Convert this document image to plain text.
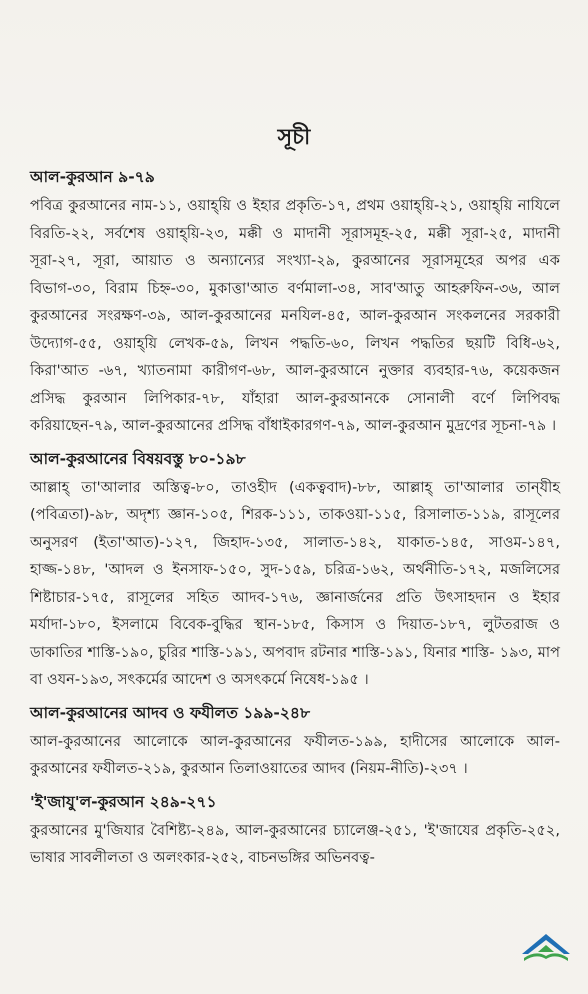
সূচী
আল-কুরআন ৯-৭৯
পবিত্র কুরআনের নাম-১১, ওয়াহ্‌য়ি ও ইহার প্রকৃতি-১৭, প্রথম ওয়াহ্‌য়ি-২১, ওয়াহ্‌য়ি নাযিলে বিরতি-২২, সর্বশেষ ওয়াহ্‌য়ি-২৩, মক্কী ও মাদানী সূরাসমূহ-২৫, মক্কী সূরা-২৫, মাদানী সূরা-২৭, সূরা, আয়াত ও অন্যান্যের সংখ্যা-২৯, কুরআনের সূরাসমূহের অপর এক বিভাগ-৩০, বিরাম চিহ্ন-৩০, মুকাত্তা'আত বর্ণমালা-৩৪, সাব'আতু আহরুফিন-৩৬, আল কুরআনের সংরক্ষণ-৩৯, আল-কুরআনের মনযিল-৪৫, আল-কুরআন সংকলনের সরকারী উদ্যোগ-৫৫, ওয়াহ্‌য়ি লেখক-৫৯, লিখন পদ্ধতি-৬০, লিখন পদ্ধতির ছয়টি বিধি-৬২, কিরা'আত -৬৭, খ্যাতনামা কারীগণ-৬৮, আল-কুরআনে নুক্তার ব্যবহার-৭৬, কয়েকজন প্রসিদ্ধ কুরআন লিপিকার-৭৮, যাঁহারা আল-কুরআনকে সোনালী বর্ণে লিপিবদ্ধ করিয়াছেন-৭৯, আল-কুরআনের প্রসিদ্ধ বাঁধাইকারগণ-৭৯, আল-কুরআন মুদ্রণের সূচনা-৭৯ ।
আল-কুরআনের বিষয়বস্তু ৮০-১৯৮
আল্লাহ্ তা'আলার অস্তিত্ব-৮০, তাওহীদ (একত্ববাদ)-৮৮, আল্লাহ্ তা'আলার তান্‌যীহ (পবিত্রতা)-৯৮, অদৃশ্য জ্ঞান-১০৫, শিরক-১১১, তাকওয়া-১১৫, রিসালাত-১১৯, রাসূলের অনুসরণ (ইতা'আত)-১২৭, জিহাদ-১৩৫, সালাত-১৪২, যাকাত-১৪৫, সাওম-১৪৭, হাজ্জ-১৪৮, 'আদল ও ইনসাফ-১৫০, সুদ-১৫৯, চরিত্র-১৬২, অর্থনীতি-১৭২, মজলিসের শিষ্টাচার-১৭৫, রাসূলের সহিত আদব-১৭৬, জ্ঞানার্জনের প্রতি উৎসাহদান ও ইহার মর্যাদা-১৮০, ইসলামে বিবেক-বুদ্ধির স্থান-১৮৫, কিসাস ও দিয়াত-১৮৭, লুটতরাজ ও ডাকাতির শাস্তি-১৯০, চুরির শাস্তি-১৯১, অপবাদ রটনার শাস্তি-১৯১, যিনার শাস্তি- ১৯৩, মাপ বা ওযন-১৯৩, সৎকর্মের আদেশ ও অসৎকর্মে নিষেধ-১৯৫ ।
আল-কুরআনের আদব ও ফযীলত ১৯৯-২৪৮
আল-কুরআনের আলোকে আল-কুরআনের ফযীলত-১৯৯, হাদীসের আলোকে আল-কুরআনের ফযীলত-২১৯, কুরআন তিলাওয়াতের আদব (নিয়ম-নীতি)-২৩৭ ।
'ই'জাযু'ল-কুরআন ২৪৯-২৭১
কুরআনের মু'জিযার বৈশিষ্ট্য-২৪৯, আল-কুরআনের চ্যালেঞ্জ-২৫১, 'ই'জাযের প্রকৃতি-২৫২, ভাষার সাবলীলতা ও অলংকার-২৫২, বাচনভঙ্গির অভিনবত্ব-
